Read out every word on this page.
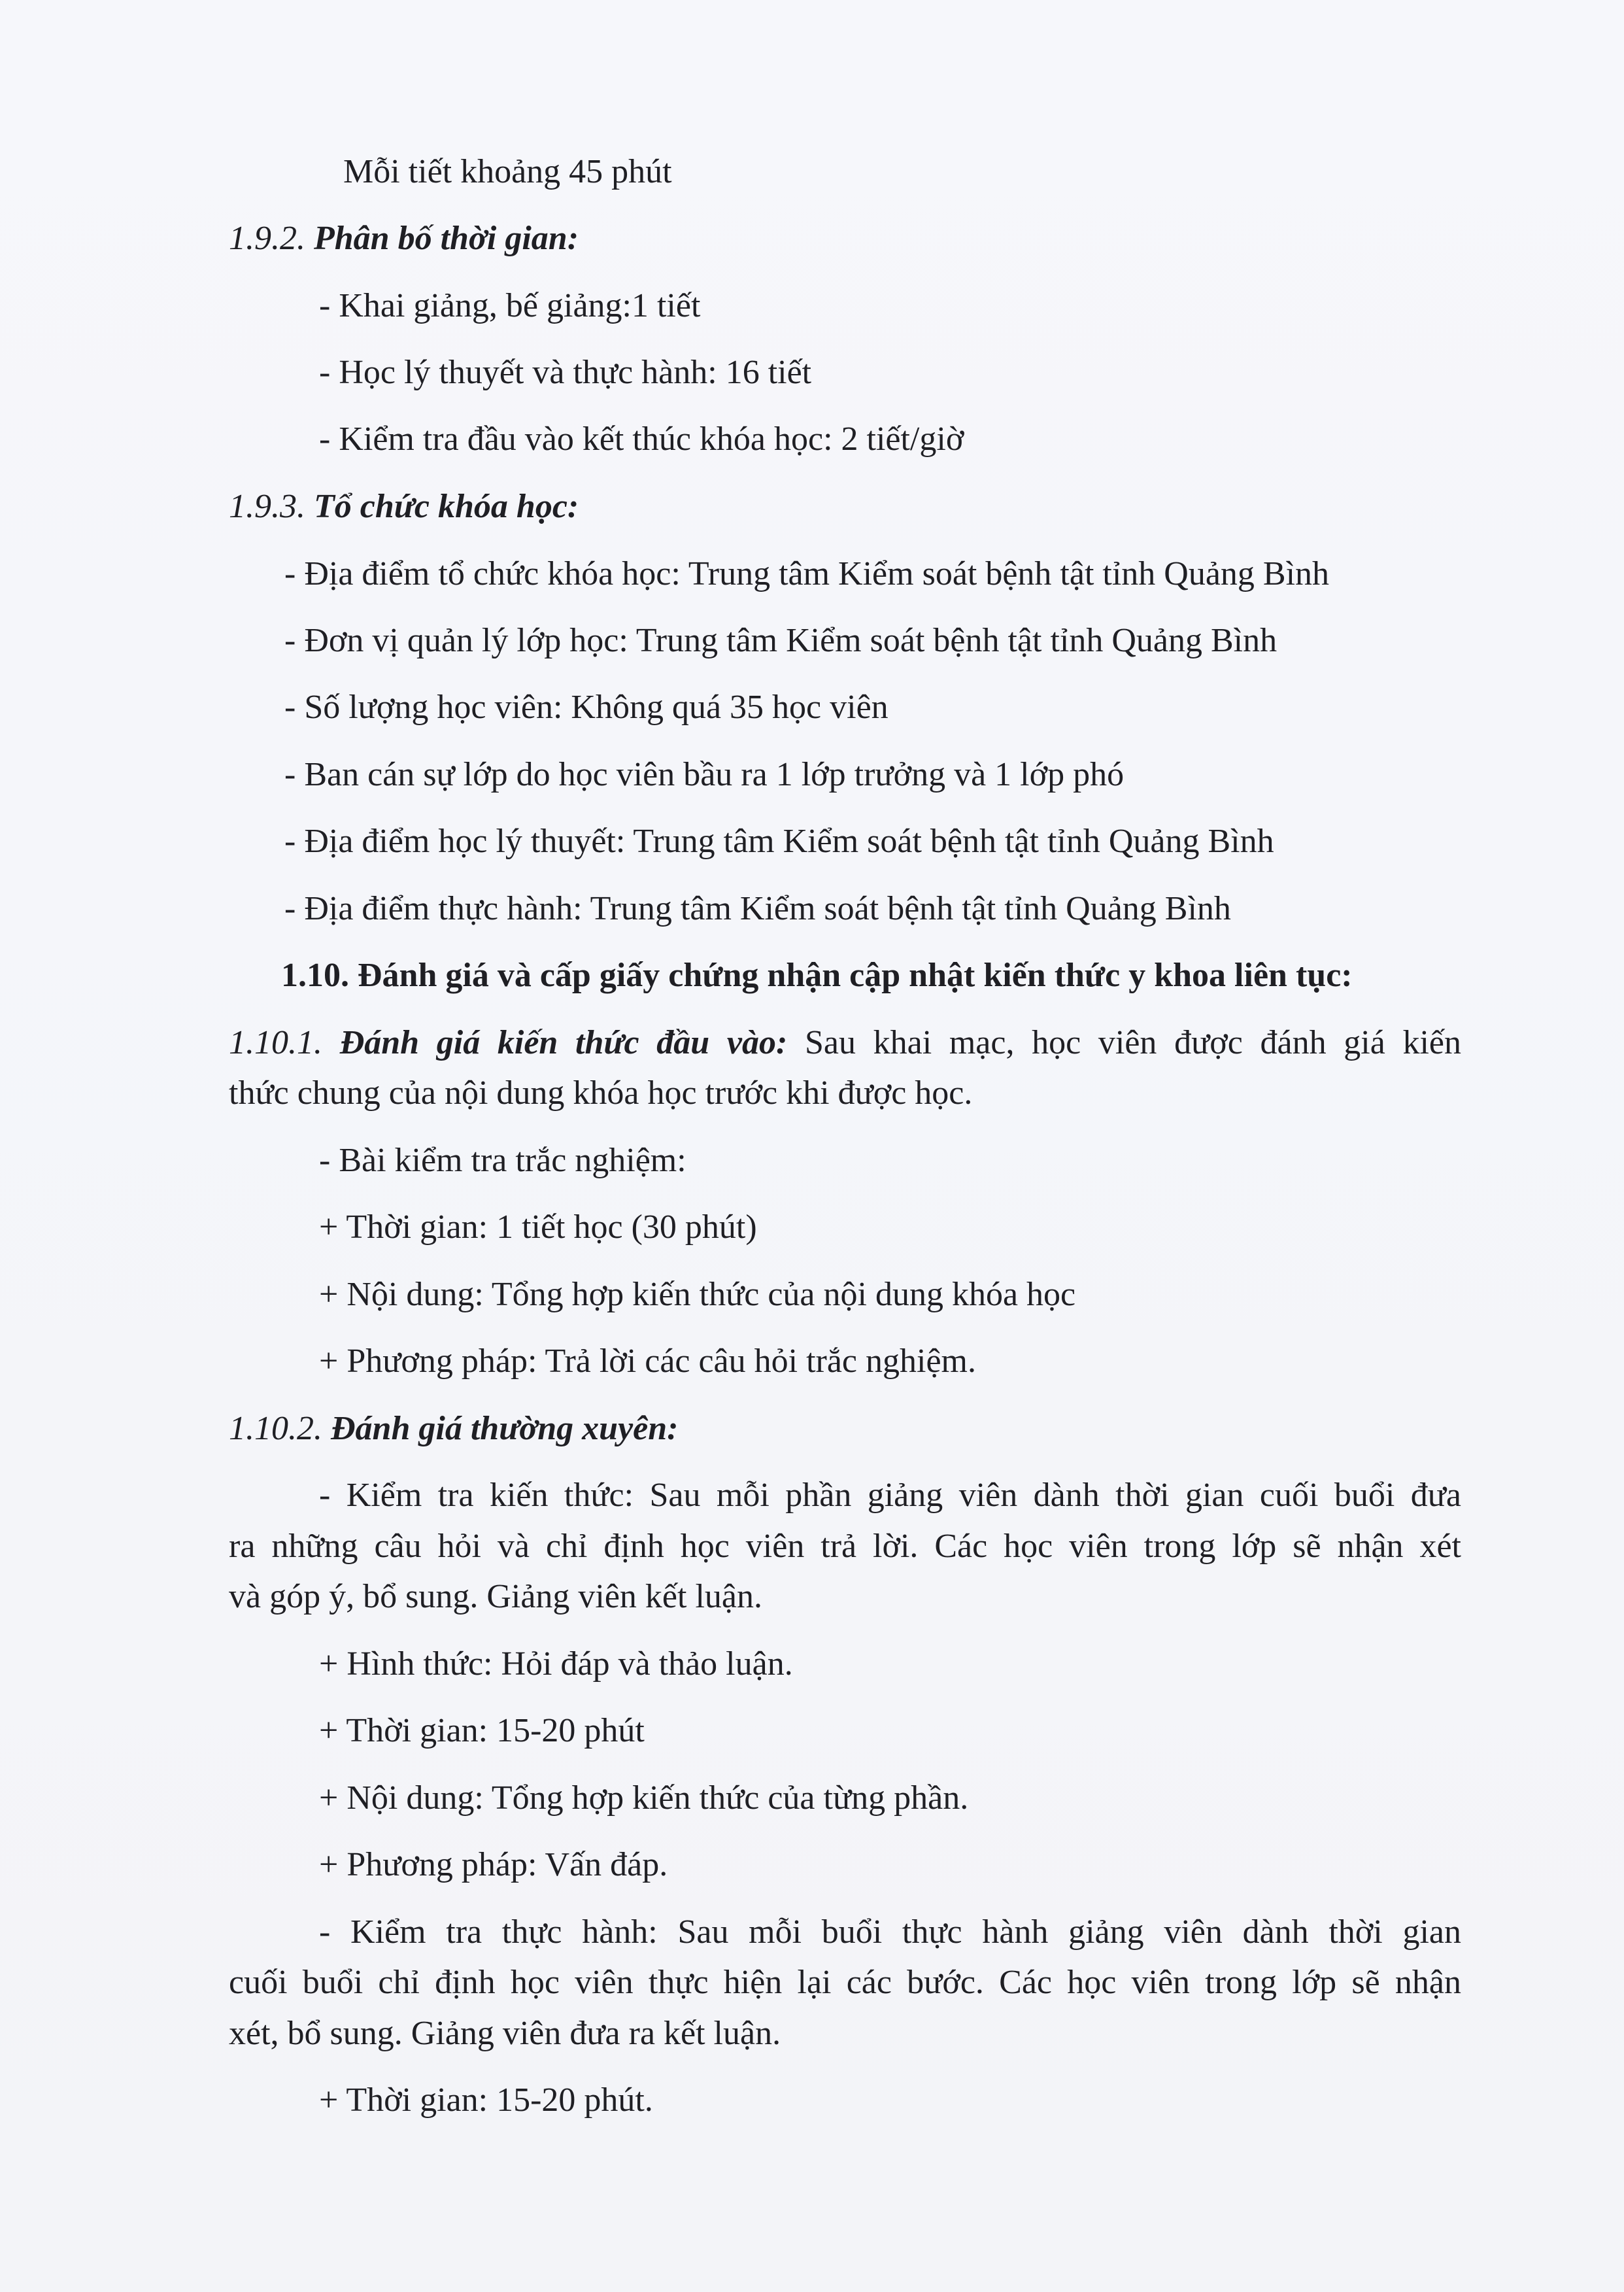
Mỗi tiết khoảng 45 phút
1.9.2. Phân bố thời gian:
- Khai giảng, bế giảng:1 tiết
- Học lý thuyết và thực hành: 16 tiết
- Kiểm tra đầu vào kết thúc khóa học: 2 tiết/giờ
1.9.3. Tổ chức khóa học:
- Địa điểm tổ chức khóa học: Trung tâm Kiểm soát bệnh tật tỉnh Quảng Bình
- Đơn vị quản lý lớp học: Trung tâm Kiểm soát bệnh tật tỉnh Quảng Bình
- Số lượng học viên: Không quá 35 học viên
- Ban cán sự lớp do học viên bầu ra 1 lớp trưởng và 1 lớp phó
- Địa điểm học lý thuyết: Trung tâm Kiểm soát bệnh tật tỉnh Quảng Bình
- Địa điểm thực hành: Trung tâm Kiểm soát bệnh tật tỉnh Quảng Bình
1.10. Đánh giá và cấp giấy chứng nhận cập nhật kiến thức y khoa liên tục:
1.10.1. Đánh giá kiến thức đầu vào: Sau khai mạc, học viên được đánh giá kiến
thức chung của nội dung khóa học trước khi được học.
- Bài kiểm tra trắc nghiệm:
+ Thời gian: 1 tiết học (30 phút)
+ Nội dung: Tổng hợp kiến thức của nội dung khóa học
+ Phương pháp: Trả lời các câu hỏi trắc nghiệm.
1.10.2. Đánh giá thường xuyên:
- Kiểm tra kiến thức: Sau mỗi phần giảng viên dành thời gian cuối buổi đưa
ra những câu hỏi và chỉ định học viên trả lời. Các học viên trong lớp sẽ nhận xét
và góp ý, bổ sung. Giảng viên kết luận.
+ Hình thức: Hỏi đáp và thảo luận.
+ Thời gian: 15-20 phút
+ Nội dung: Tổng hợp kiến thức của từng phần.
+ Phương pháp: Vấn đáp.
- Kiểm tra thực hành: Sau mỗi buổi thực hành giảng viên dành thời gian
cuối buổi chỉ định học viên thực hiện lại các bước. Các học viên trong lớp sẽ nhận
xét, bổ sung. Giảng viên đưa ra kết luận.
+ Thời gian: 15-20 phút.
